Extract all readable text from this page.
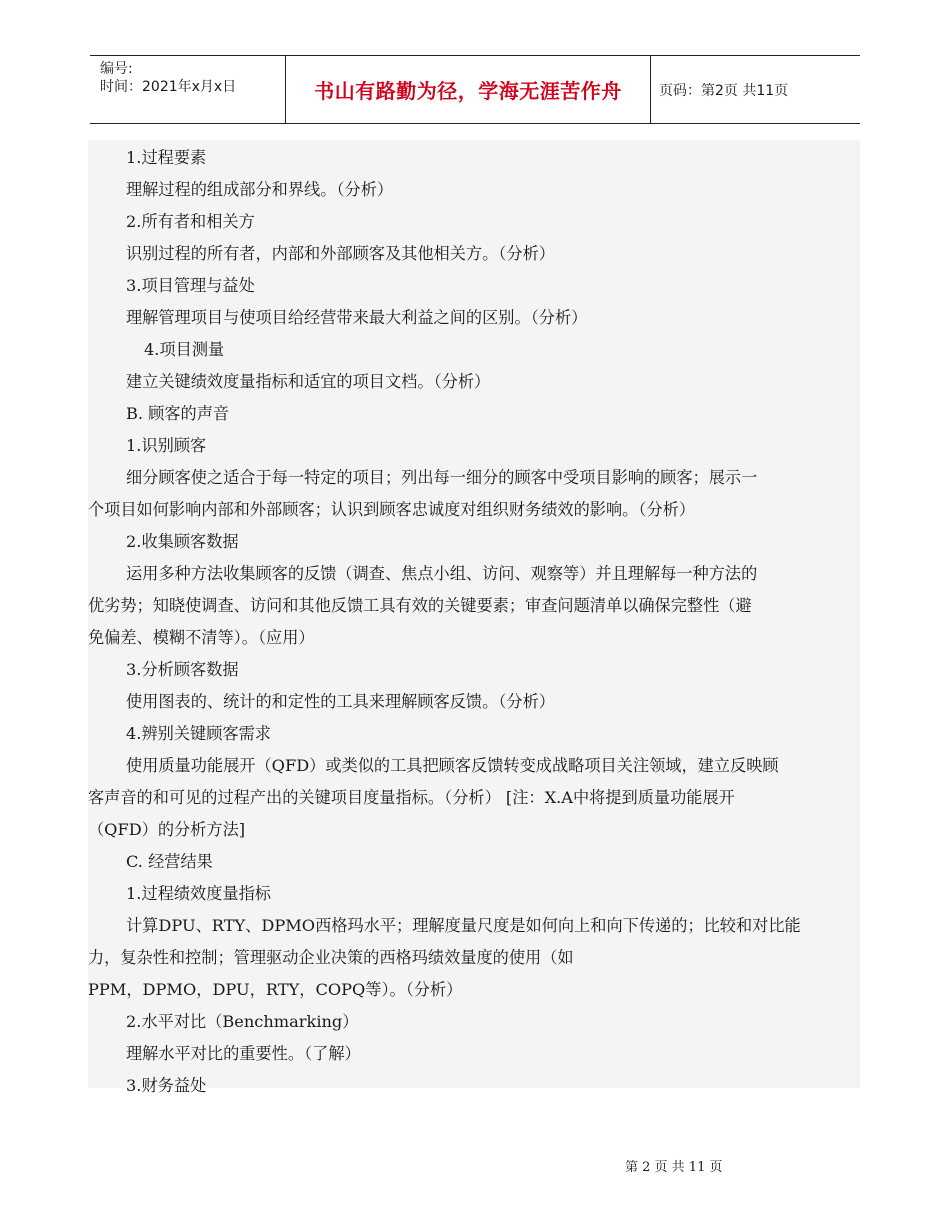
编号:
时间：2021年x月x日	书山有路勤为径，学海无涯苦作舟	页码：第2页 共11页
1.过程要素
理解过程的组成部分和界线。（分析）
2.所有者和相关方
识别过程的所有者，内部和外部顾客及其他相关方。（分析）
3.项目管理与益处
理解管理项目与使项目给经营带来最大利益之间的区别。（分析）
4.项目测量
建立关键绩效度量指标和适宜的项目文档。（分析）
B. 顾客的声音
1.识别顾客
细分顾客使之适合于每一特定的项目；列出每一细分的顾客中受项目影响的顾客；展示一
个项目如何影响内部和外部顾客；认识到顾客忠诚度对组织财务绩效的影响。（分析）
2.收集顾客数据
运用多种方法收集顾客的反馈（调查、焦点小组、访问、观察等）并且理解每一种方法的
优劣势；知晓使调查、访问和其他反馈工具有效的关键要素；审查问题清单以确保完整性（避
免偏差、模糊不清等）。（应用）
3.分析顾客数据
使用图表的、统计的和定性的工具来理解顾客反馈。（分析）
4.辨别关键顾客需求
使用质量功能展开（QFD）或类似的工具把顾客反馈转变成战略项目关注领域，建立反映顾
客声音的和可见的过程产出的关键项目度量指标。（分析） [注：X.A中将提到质量功能展开
（QFD）的分析方法]
C. 经营结果
1.过程绩效度量指标
计算DPU、RTY、DPMO西格玛水平；理解度量尺度是如何向上和向下传递的；比较和对比能
力，复杂性和控制；管理驱动企业决策的西格玛绩效量度的使用（如
PPM，DPMO，DPU，RTY，COPQ等）。（分析）
2.水平对比（Benchmarking）
理解水平对比的重要性。（了解）
3.财务益处
第 2 页 共 11 页
